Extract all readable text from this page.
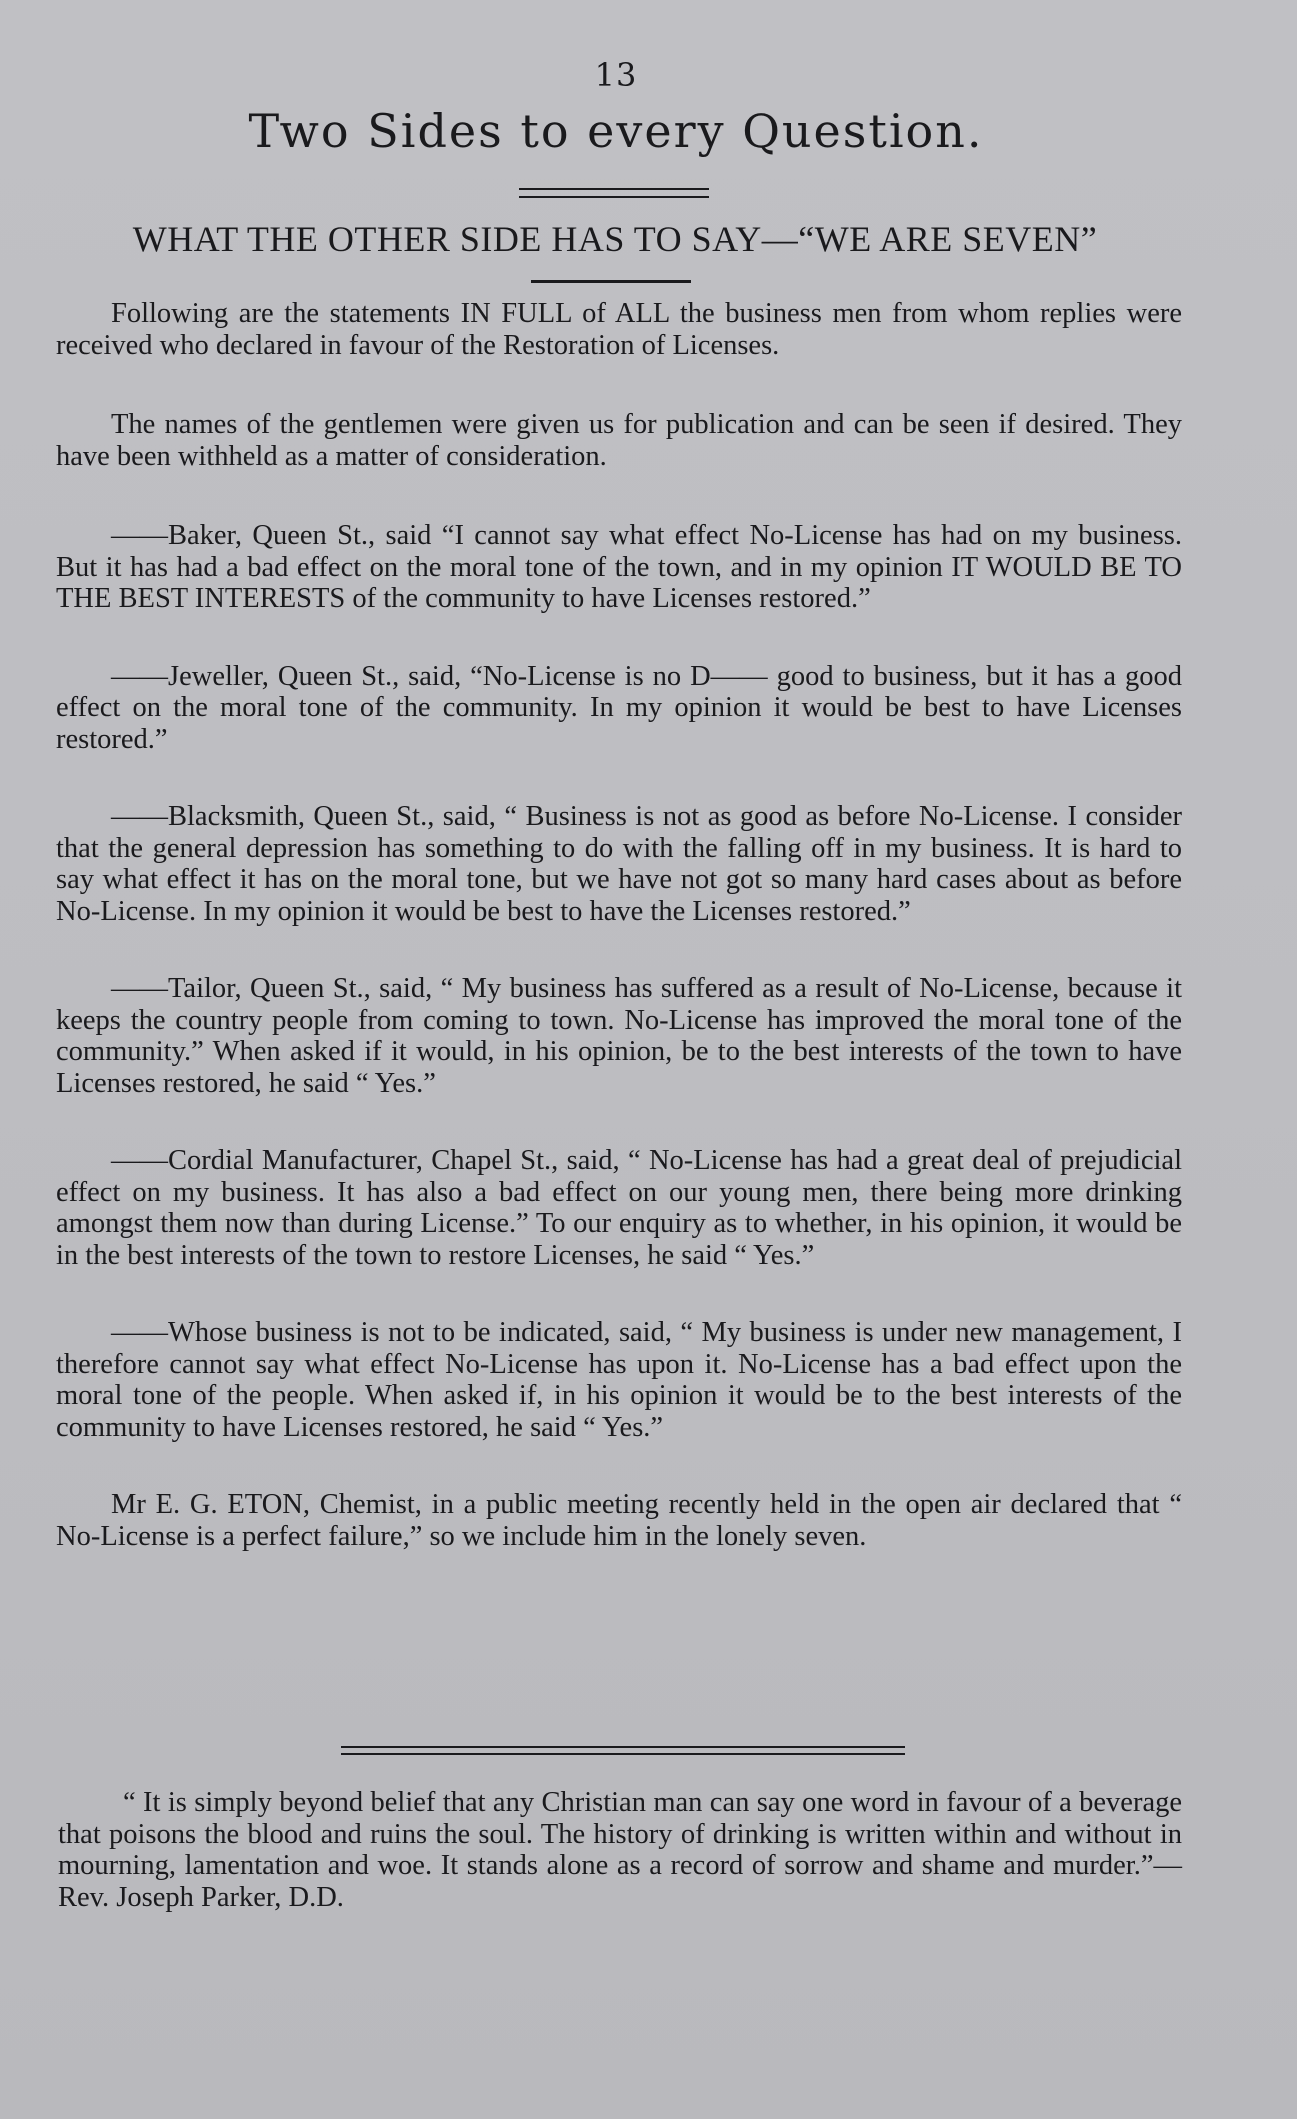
13
Two Sides to every Question.
WHAT THE OTHER SIDE HAS TO SAY—“WE ARE SEVEN”

Following are the statements IN FULL of ALL the business men from whom replies were received who declared in favour of the Restoration of Licenses.

The names of the gentlemen were given us for publication and can be seen if desired. They have been withheld as a matter of consideration.

——Baker, Queen St., said “I cannot say what effect No-License has had on my business. But it has had a bad effect on the moral tone of the town, and in my opinion IT WOULD BE TO THE BEST INTERESTS of the community to have Licenses restored.”

——Jeweller, Queen St., said, “No-License is no D—— good to business, but it has a good effect on the moral tone of the community. In my opinion it would be best to have Licenses restored.”

——Blacksmith, Queen St., said, “ Business is not as good as before No-License. I consider that the general depression has something to do with the falling off in my business. It is hard to say what effect it has on the moral tone, but we have not got so many hard cases about as before No-License. In my opinion it would be best to have the Licenses restored.”

——Tailor, Queen St., said, “ My business has suffered as a result of No-License, because it keeps the country people from coming to town. No-License has improved the moral tone of the community.” When asked if it would, in his opinion, be to the best interests of the town to have Licenses restored, he said “ Yes.”

——Cordial Manufacturer, Chapel St., said, “ No-License has had a great deal of prejudicial effect on my business. It has also a bad effect on our young men, there being more drinking amongst them now than during License.” To our enquiry as to whether, in his opinion, it would be in the best interests of the town to restore Licenses, he said “ Yes.”

——Whose business is not to be indicated, said, “ My business is under new management, I therefore cannot say what effect No-License has upon it. No-License has a bad effect upon the moral tone of the people. When asked if, in his opinion it would be to the best interests of the community to have Licenses restored, he said “ Yes.”

Mr E. G. ETON, Chemist, in a public meeting recently held in the open air declared that “ No-License is a perfect failure,” so we include him in the lonely seven.

“ It is simply beyond belief that any Christian man can say one word in favour of a beverage that poisons the blood and ruins the soul. The history of drinking is written within and without in mourning, lamentation and woe. It stands alone as a record of sorrow and shame and murder.”—Rev. Joseph Parker, D.D.
